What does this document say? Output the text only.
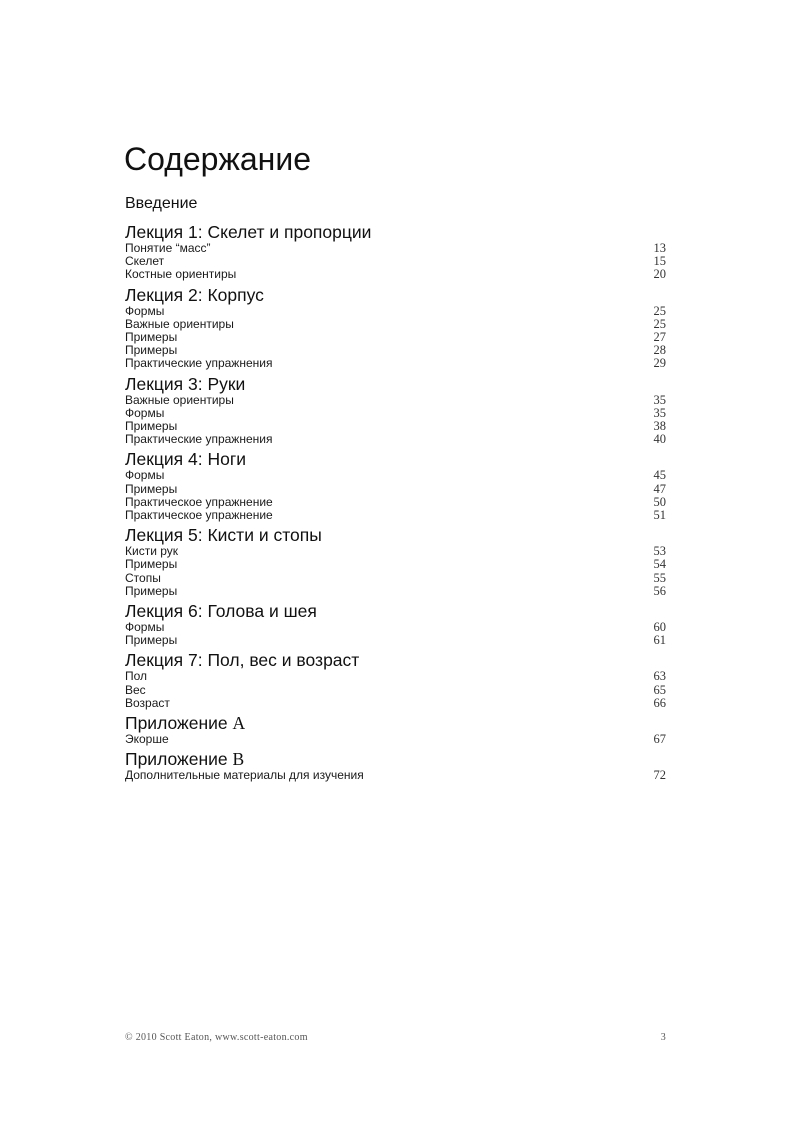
Содержание
Введение
Лекция 1: Скелет и пропорции
Понятие “масс”	13
Скелет	15
Костные ориентиры	20
Лекция 2: Корпус
Формы	25
Важные ориентиры	25
Примеры	27
Примеры	28
Практические упражнения	29
Лекция 3: Руки
Важные ориентиры	35
Формы	35
Примеры	38
Практические упражнения	40
Лекция 4: Ноги
Формы	45
Примеры	47
Практическое упражнение	50
Практическое упражнение	51
Лекция 5: Кисти и стопы
Кисти рук	53
Примеры	54
Стопы	55
Примеры	56
Лекция 6: Голова и шея
Формы	60
Примеры	61
Лекция 7: Пол, вес и возраст
Пол	63
Вес	65
Возраст	66
Приложение A
Экорше	67
Приложение B
Дополнительные материалы для изучения	72
© 2010 Scott Eaton, www.scott-eaton.com	3
